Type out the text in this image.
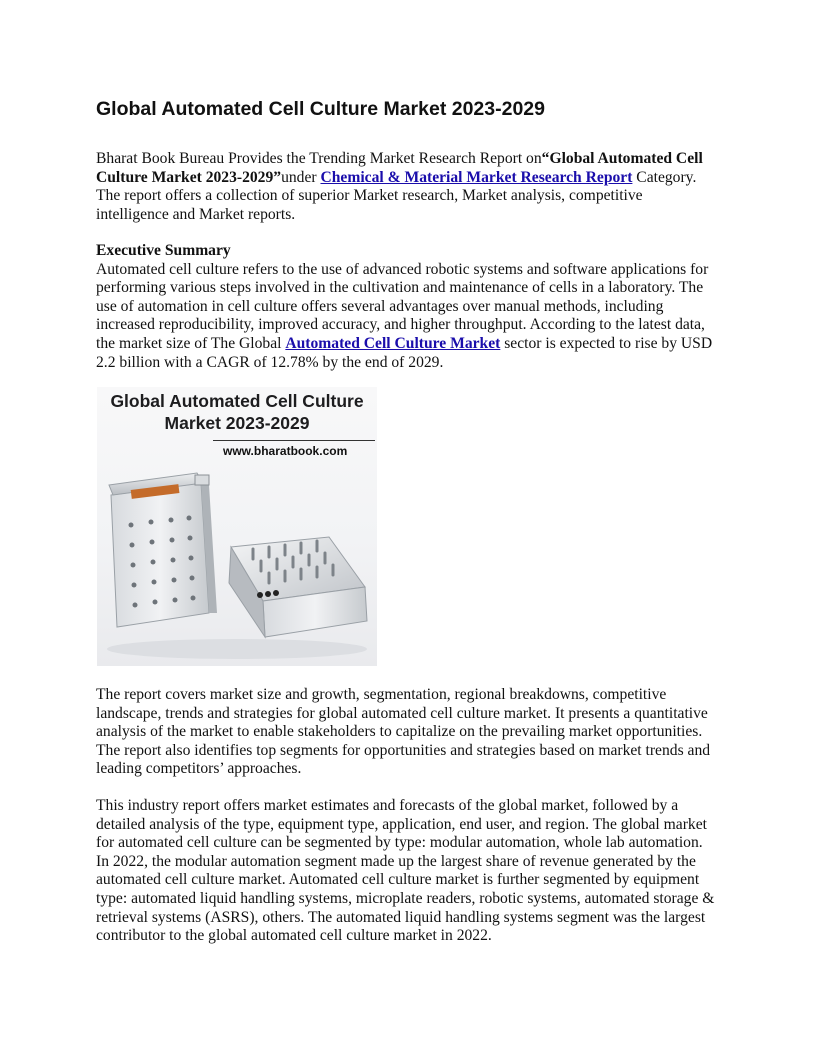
Global Automated Cell Culture Market 2023-2029

Bharat Book Bureau Provides the Trending Market Research Report on“Global Automated Cell Culture Market 2023-2029”under Chemical & Material Market Research Report Category. The report offers a collection of superior Market research, Market analysis, competitive intelligence and Market reports.

Executive Summary
Automated cell culture refers to the use of advanced robotic systems and software applications for performing various steps involved in the cultivation and maintenance of cells in a laboratory. The use of automation in cell culture offers several advantages over manual methods, including increased reproducibility, improved accuracy, and higher throughput. According to the latest data, the market size of The Global Automated Cell Culture Market sector is expected to rise by USD 2.2 billion with a CAGR of 12.78% by the end of 2029.

Global Automated Cell Culture
Market 2023-2029
www.bharatbook.com

The report covers market size and growth, segmentation, regional breakdowns, competitive landscape, trends and strategies for global automated cell culture market. It presents a quantitative analysis of the market to enable stakeholders to capitalize on the prevailing market opportunities. The report also identifies top segments for opportunities and strategies based on market trends and leading competitors’ approaches.

This industry report offers market estimates and forecasts of the global market, followed by a detailed analysis of the type, equipment type, application, end user, and region. The global market for automated cell culture can be segmented by type: modular automation, whole lab automation. In 2022, the modular automation segment made up the largest share of revenue generated by the automated cell culture market. Automated cell culture market is further segmented by equipment type: automated liquid handling systems, microplate readers, robotic systems, automated storage & retrieval systems (ASRS), others. The automated liquid handling systems segment was the largest contributor to the global automated cell culture market in 2022.
